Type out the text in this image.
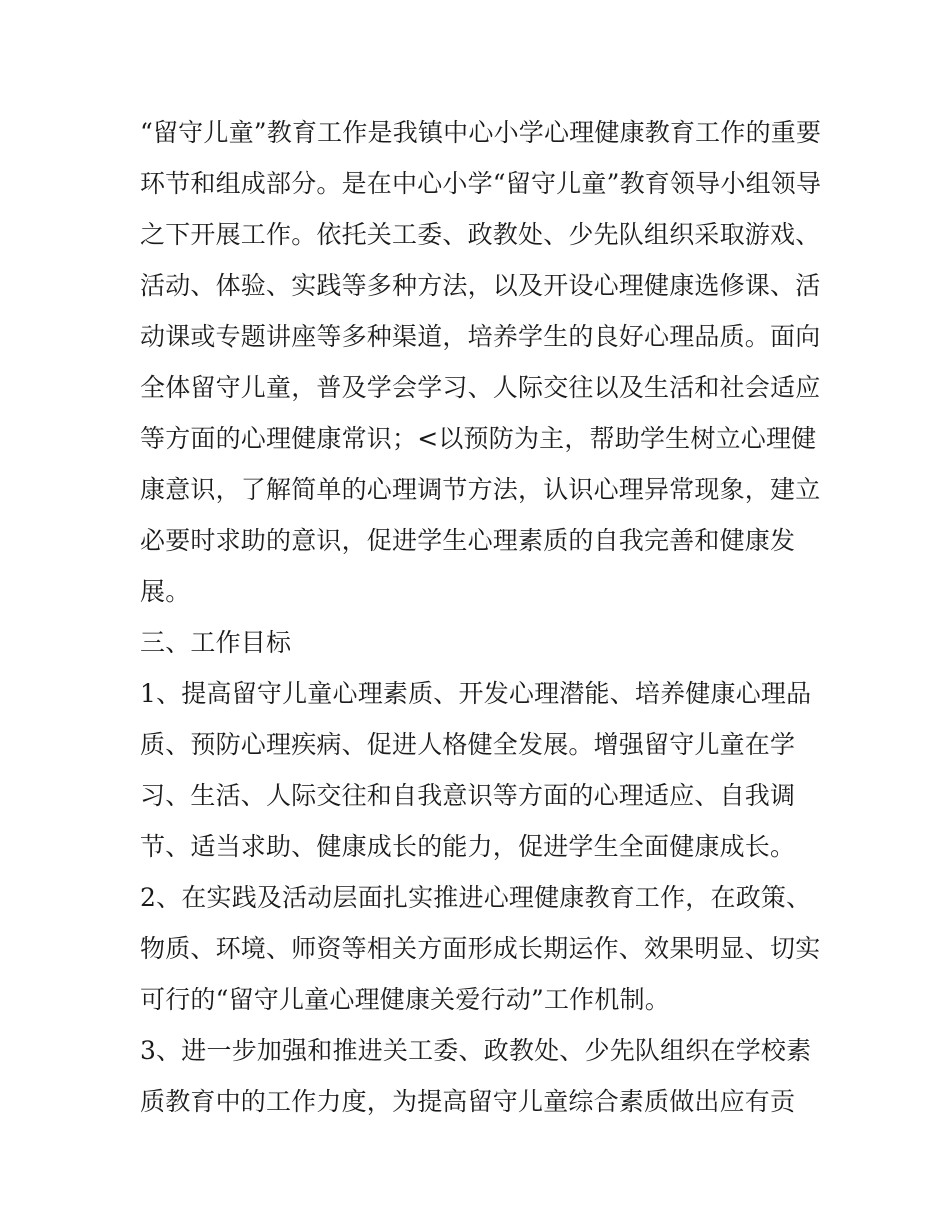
“留守儿童”教育工作是我镇中心小学心理健康教育工作的重要
环节和组成部分。是在中心小学“留守儿童”教育领导小组领导
之下开展工作。依托关工委、政教处、少先队组织采取游戏、
活动、体验、实践等多种方法，以及开设心理健康选修课、活
动课或专题讲座等多种渠道，培养学生的良好心理品质。面向
全体留守儿童，普及学会学习、人际交往以及生活和社会适应
等方面的心理健康常识；<以预防为主，帮助学生树立心理健
康意识，了解简单的心理调节方法，认识心理异常现象，建立
必要时求助的意识，促进学生心理素质的自我完善和健康发
展。
三、工作目标
1、提高留守儿童心理素质、开发心理潜能、培养健康心理品
质、预防心理疾病、促进人格健全发展。增强留守儿童在学
习、生活、人际交往和自我意识等方面的心理适应、自我调
节、适当求助、健康成长的能力，促进学生全面健康成长。
2、在实践及活动层面扎实推进心理健康教育工作，在政策、
物质、环境、师资等相关方面形成长期运作、效果明显、切实
可行的“留守儿童心理健康关爱行动”工作机制。
3、进一步加强和推进关工委、政教处、少先队组织在学校素
质教育中的工作力度，为提高留守儿童综合素质做出应有贡
